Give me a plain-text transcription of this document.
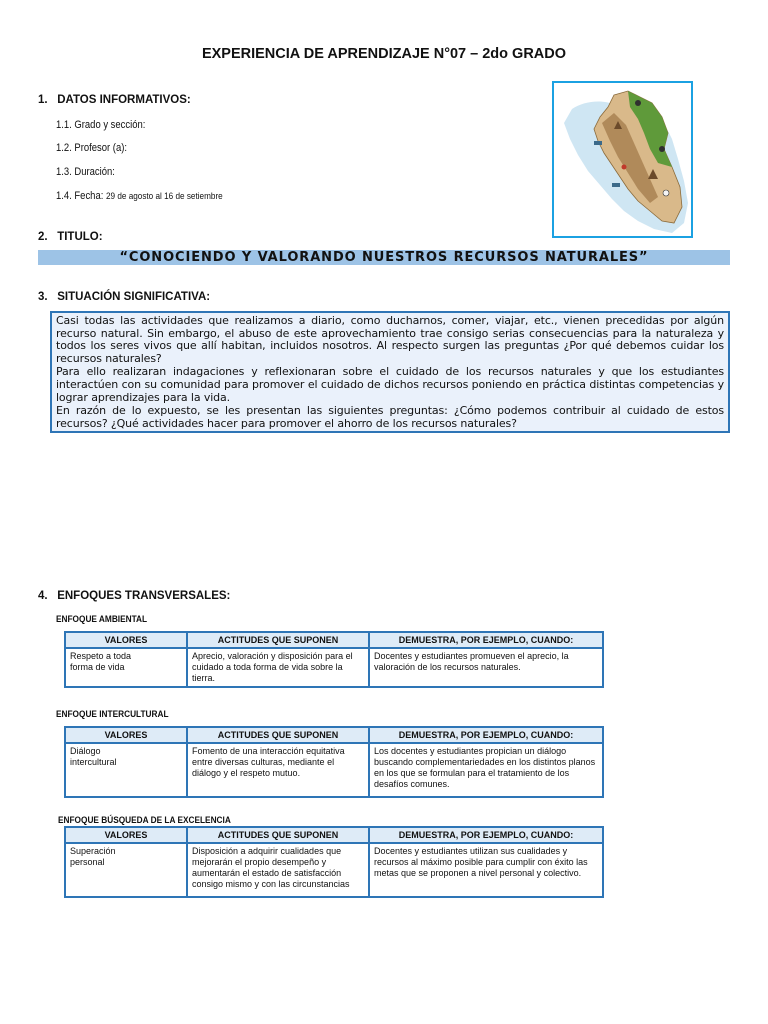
EXPERIENCIA DE APRENDIZAJE N°07 – 2do GRADO
1. DATOS INFORMATIVOS:
1.1. Grado y sección:
1.2. Profesor (a):
1.3. Duración:
1.4. Fecha: 29 de agosto al 16 de setiembre
2. TITULO:
“CONOCIENDO Y VALORANDO NUESTROS RECURSOS NATURALES”
3. SITUACIÓN SIGNIFICATIVA:

Casi todas las actividades que realizamos a diario, como ducharnos, comer, viajar, etc., vienen precedidas por algún recurso natural. Sin embargo, el abuso de este aprovechamiento trae consigo serias consecuencias para la naturaleza y todos los seres vivos que allí habitan, incluidos nosotros. Al respecto surgen las preguntas ¿Por qué debemos cuidar los recursos naturales?

Para ello realizaran indagaciones y reflexionaran sobre el cuidado de los recursos naturales y que los estudiantes interactúen con su comunidad para promover el cuidado de dichos recursos poniendo en práctica distintas competencias y lograr aprendizajes para la vida.

En razón de lo expuesto, se les presentan las siguientes preguntas: ¿Cómo podemos contribuir al cuidado de estos recursos? ¿Qué actividades hacer para promover el ahorro de los recursos naturales?

4. ENFOQUES TRANSVERSALES:
ENFOQUE AMBIENTAL
VALORES	ACTITUDES QUE SUPONEN	DEMUESTRA, POR EJEMPLO, CUANDO:

Respeto a toda forma de vida	Aprecio, valoración y disposición para el cuidado a toda forma de vida sobre la tierra.	Docentes y estudiantes promueven el aprecio, la valoración de los recursos naturales.
ENFOQUE INTERCULTURAL
VALORES	ACTITUDES QUE SUPONEN	DEMUESTRA, POR EJEMPLO, CUANDO:

Diálogo intercultural	Fomento de una interacción equitativa entre diversas culturas, mediante el diálogo y el respeto mutuo.	Los docentes y estudiantes propician un diálogo buscando complementariedades en los distintos planos en los que se formulan para el tratamiento de los desafíos comunes.
ENFOQUE BÚSQUEDA DE LA EXCELENCIA
VALORES	ACTITUDES QUE SUPONEN	DEMUESTRA, POR EJEMPLO, CUANDO:

Superación personal	Disposición a adquirir cualidades que mejorarán el propio desempeño y aumentarán el estado de satisfacción consigo mismo y con las circunstancias	Docentes y estudiantes utilizan sus cualidades y recursos al máximo posible para cumplir con éxito las metas que se proponen a nivel personal y colectivo.
